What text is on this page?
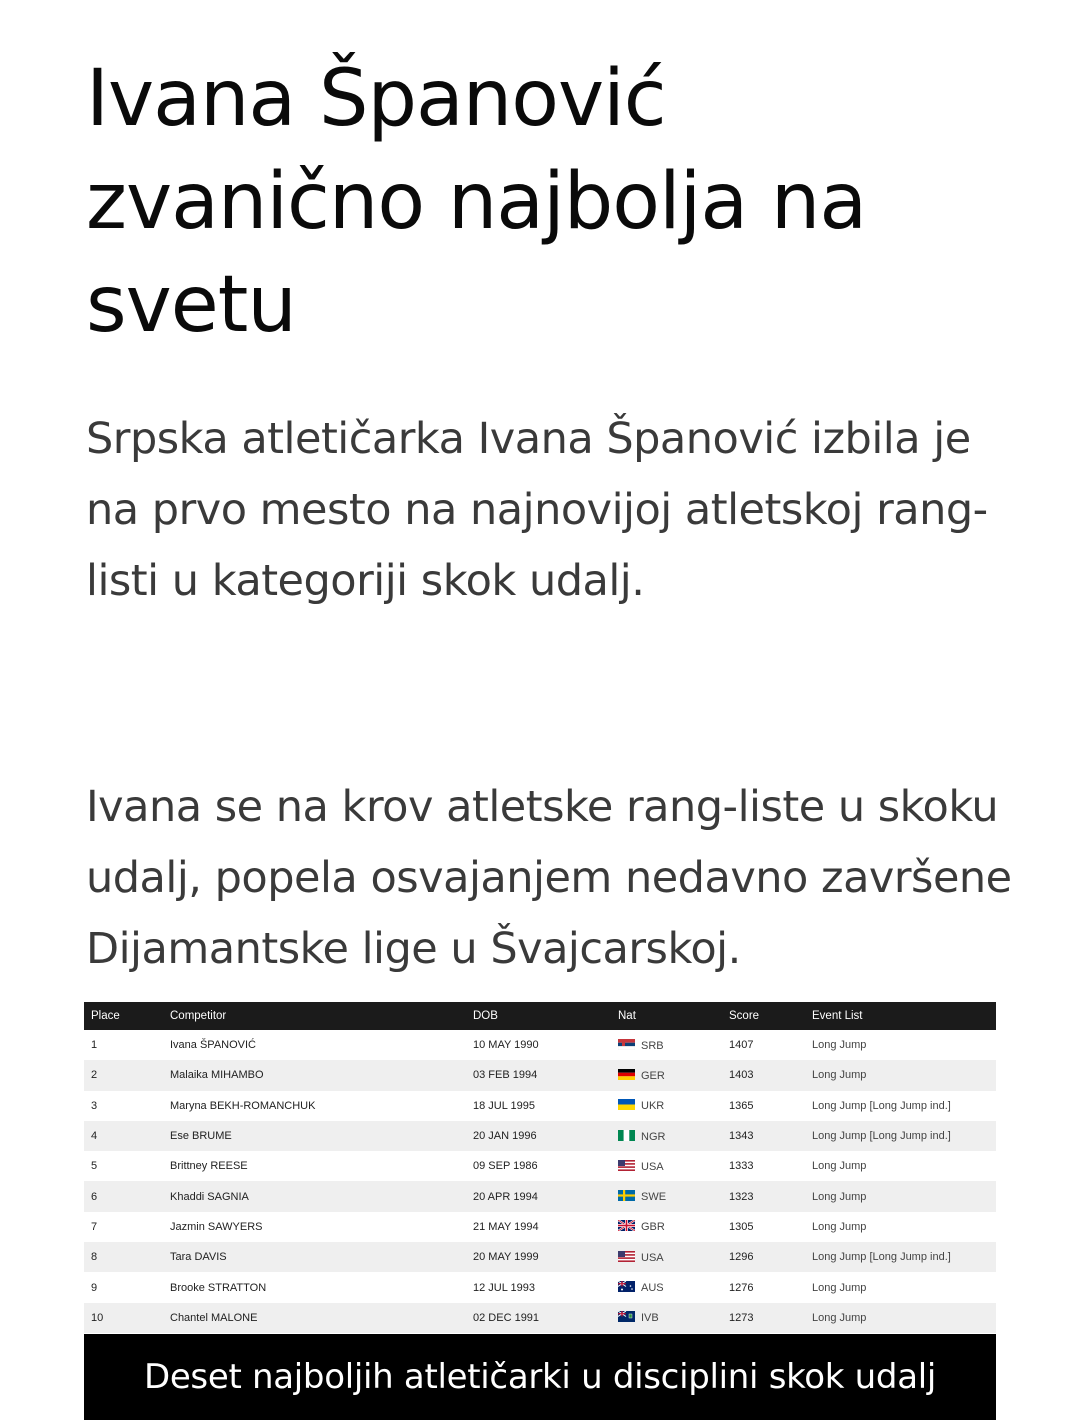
Ivana Španović zvanično najbolja na svetu

Srpska atletičarka Ivana Španović izbila je na prvo mesto na najnovijoj atletskoj rang-listi u kategoriji skok udalj.

Ivana se na krov atletske rang-liste u skoku udalj, popela osvajanjem nedavno završene Dijamantske lige u Švajcarskoj.

Place	Competitor	DOB	Nat	Score	Event List
1	Ivana ŠPANOVIĆ	10 MAY 1990	SRB	1407	Long Jump
2	Malaika MIHAMBO	03 FEB 1994	GER	1403	Long Jump
3	Maryna BEKH-ROMANCHUK	18 JUL 1995	UKR	1365	Long Jump [Long Jump ind.]
4	Ese BRUME	20 JAN 1996	NGR	1343	Long Jump [Long Jump ind.]
5	Brittney REESE	09 SEP 1986	USA	1333	Long Jump
6	Khaddi SAGNIA	20 APR 1994	SWE	1323	Long Jump
7	Jazmin SAWYERS	21 MAY 1994	GBR	1305	Long Jump
8	Tara DAVIS	20 MAY 1999	USA	1296	Long Jump [Long Jump ind.]
9	Brooke STRATTON	12 JUL 1993	AUS	1276	Long Jump
10	Chantel MALONE	02 DEC 1991	IVB	1273	Long Jump
Deset najboljih atletičarki u disciplini skok udalj
